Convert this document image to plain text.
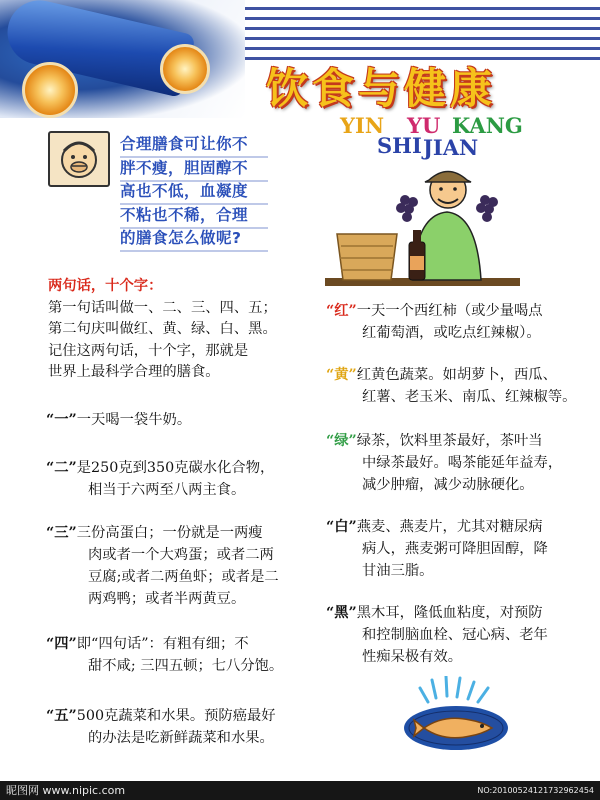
饮食与健康
YIN YU KANG
SHI JIAN
合理膳食可让你不
胖不瘦，胆固醇不
高也不低，血凝度
不粘也不稀，合理
的膳食怎么做呢?
两句话，十个字：
第一句话叫做一、二、三、四、五；
第二句庆叫做红、黄、绿、白、黑。
记住这两句话，十个字，那就是
世界上最科学合理的膳食。
“一”一天喝一袋牛奶。
“二”是250克到350克碳水化合物，
相当于六两至八两主食。
“三”三份高蛋白；一份就是一两瘦
肉或者一个大鸡蛋；或者二两
豆腐;或者二两鱼虾；或者是二
两鸡鸭；或者半两黄豆。
“四”即“四句话”：有粗有细；不
甜不咸; 三四五顿；七八分饱。
“五”500克蔬菜和水果。预防癌最好
的办法是吃新鲜蔬菜和水果。
“红”一天一个西红柿（或少量喝点
红葡萄酒，或吃点红辣椒）。
“黄”红黄色蔬菜。如胡萝卜，西瓜、
红薯、老玉米、南瓜、红辣椒等。
“绿”绿茶，饮料里茶最好，茶叶当
中绿茶最好。喝茶能延年益寿，
减少肿瘤，减少动脉硬化。
“白”燕麦、燕麦片，尤其对糖尿病
病人，燕麦粥可降胆固醇，降
甘油三脂。
“黑”黑木耳，隆低血粘度，对预防
和控制脑血栓、冠心病、老年
性痴呆极有效。
昵图网 www.nipic.com	NO:20100524121732962454
